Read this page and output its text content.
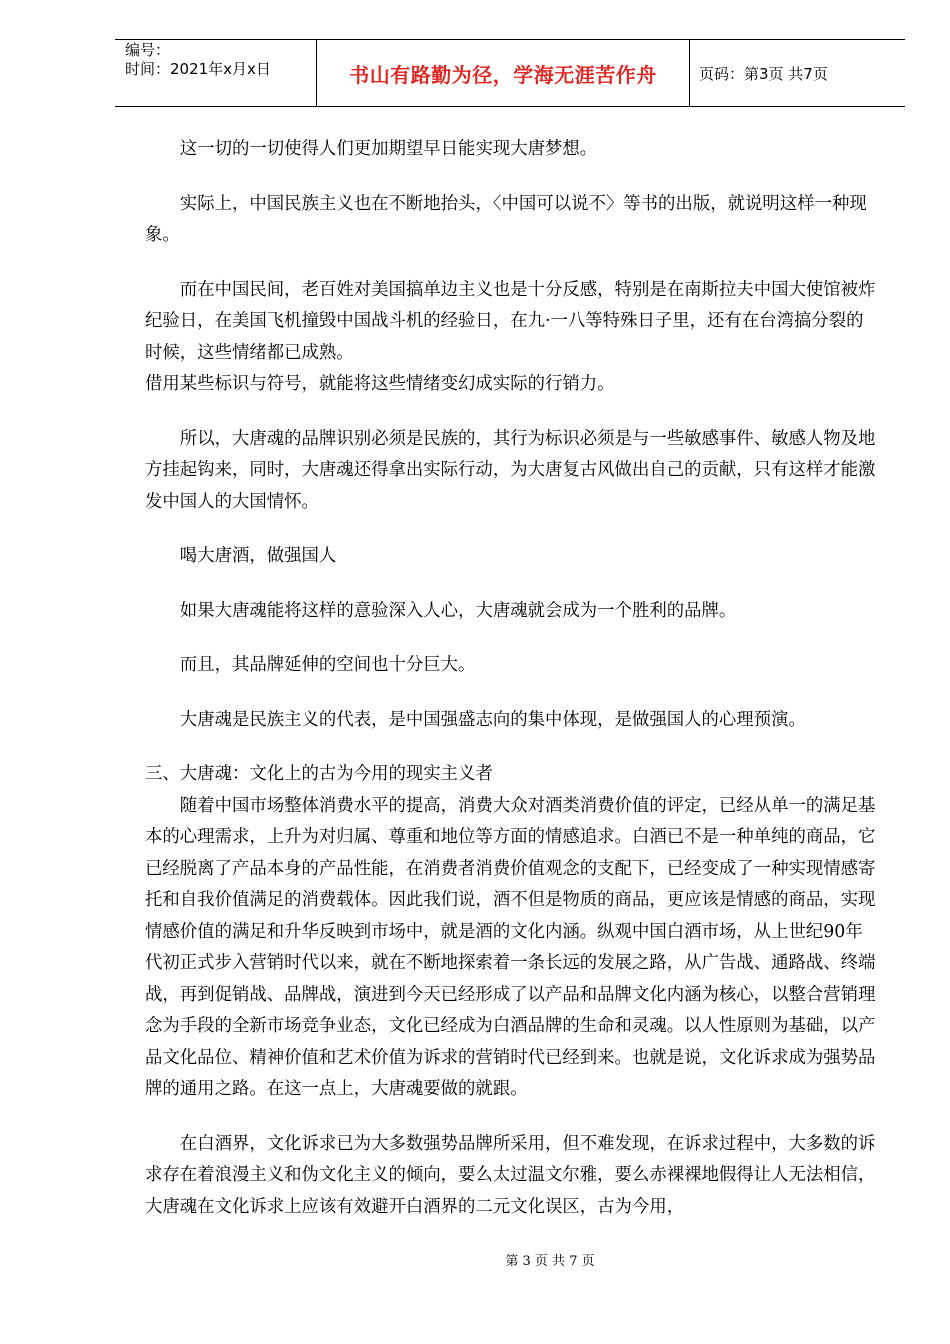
编号：
时间：2021年x月x日	书山有路勤为径，学海无涯苦作舟	页码：第3页 共7页

这一切的一切使得人们更加期望早日能实现大唐梦想。

实际上，中国民族主义也在不断地抬头，〈中国可以说不〉等书的出版，就说明这样一种现象。

而在中国民间，老百姓对美国搞单边主义也是十分反感，特别是在南斯拉夫中国大使馆被炸纪验日，在美国飞机撞毁中国战斗机的经验日，在九·一八等特殊日子里，还有在台湾搞分裂的时候，这些情绪都已成熟。

借用某些标识与符号，就能将这些情绪变幻成实际的行销力。

所以，大唐魂的品牌识别必须是民族的，其行为标识必须是与一些敏感事件、敏感人物及地方挂起钩来，同时，大唐魂还得拿出实际行动，为大唐复古风做出自己的贡献，只有这样才能激发中国人的大国情怀。

喝大唐酒，做强国人

如果大唐魂能将这样的意验深入人心，大唐魂就会成为一个胜利的品牌。

而且，其品牌延伸的空间也十分巨大。

大唐魂是民族主义的代表，是中国强盛志向的集中体现，是做强国人的心理预演。

三、大唐魂：文化上的古为今用的现实主义者

随着中国市场整体消费水平的提高，消费大众对酒类消费价值的评定，已经从单一的满足基本的心理需求，上升为对归属、尊重和地位等方面的情感追求。白酒已不是一种单纯的商品，它已经脱离了产品本身的产品性能，在消费者消费价值观念的支配下，已经变成了一种实现情感寄托和自我价值满足的消费载体。因此我们说，酒不但是物质的商品，更应该是情感的商品，实现情感价值的满足和升华反映到市场中，就是酒的文化内涵。纵观中国白酒市场，从上世纪90年代初正式步入营销时代以来，就在不断地探索着一条长远的发展之路，从广告战、通路战、终端战，再到促销战、品牌战，演进到今天已经形成了以产品和品牌文化内涵为核心，以整合营销理念为手段的全新市场竞争业态，文化已经成为白酒品牌的生命和灵魂。以人性原则为基础，以产品文化品位、精神价值和艺术价值为诉求的营销时代已经到来。也就是说，文化诉求成为强势品牌的通用之路。在这一点上，大唐魂要做的就跟。

在白酒界，文化诉求已为大多数强势品牌所采用，但不难发现，在诉求过程中，大多数的诉求存在着浪漫主义和伪文化主义的倾向，要么太过温文尔雅，要么赤裸裸地假得让人无法相信，大唐魂在文化诉求上应该有效避开白酒界的二元文化误区，古为今用，

第 3 页 共 7 页
